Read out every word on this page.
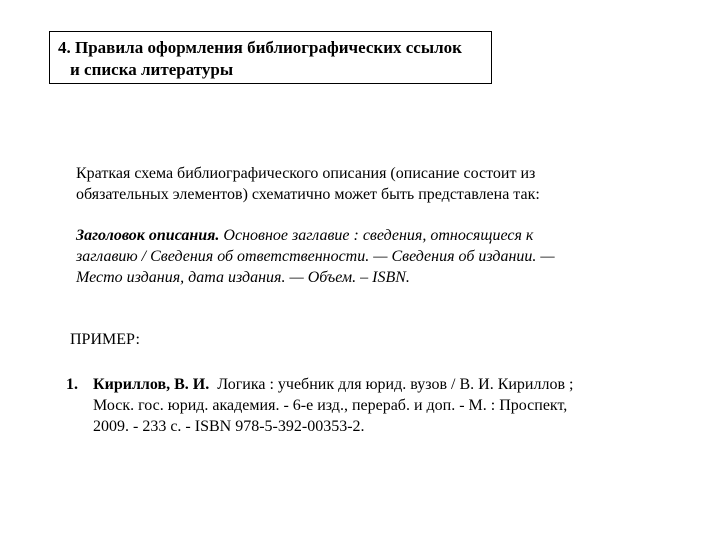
4. Правила оформления библиографических ссылок
и списка литературы
Краткая схема библиографического описания (описание состоит из
обязательных элементов) схематично может быть представлена так:
Заголовок описания. Основное заглавие : сведения, относящиеся к
заглавию / Сведения об ответственности. — Сведения об издании. —
Место издания, дата издания. — Объем. – ISBN.
ПРИМЕР:
1. Кириллов, В. И.  Логика : учебник для юрид. вузов / В. И. Кириллов ;
Моск. гос. юрид. академия. - 6-е изд., перераб. и доп. - М. : Проспект,
2009. - 233 с. - ISBN 978-5-392-00353-2.
